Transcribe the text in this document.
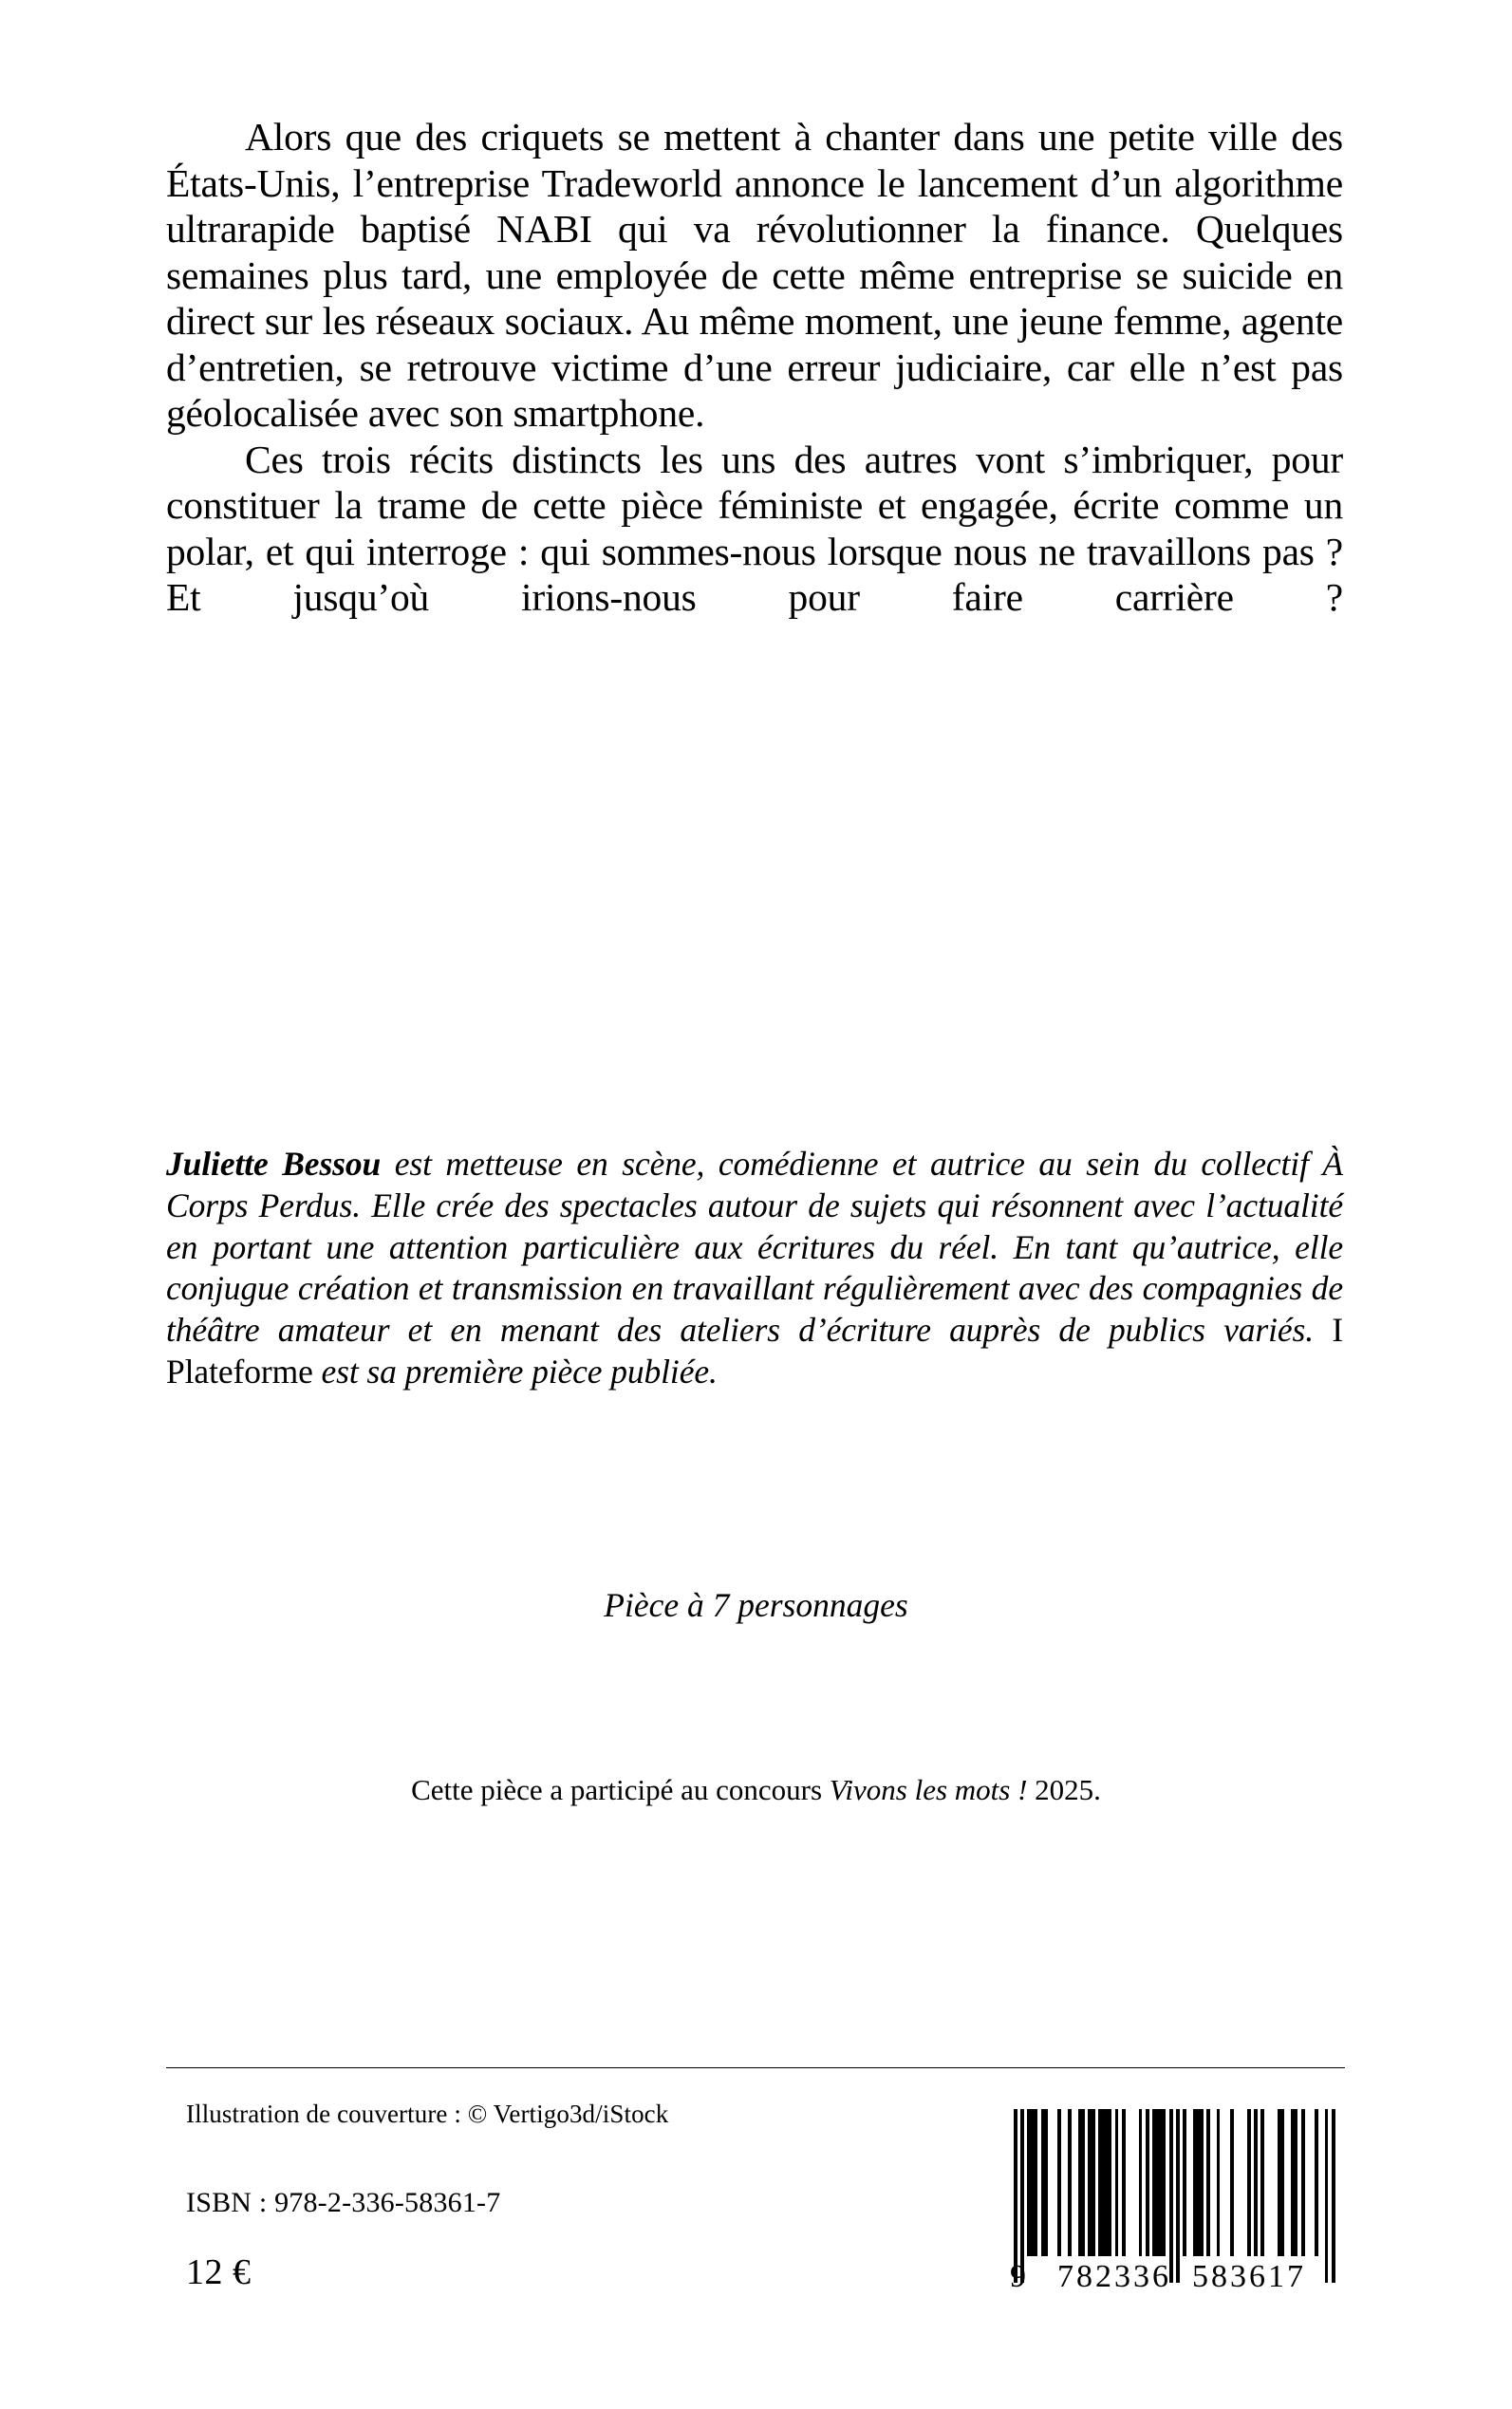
Alors que des criquets se mettent à chanter dans une petite ville des États-Unis, l’entreprise Tradeworld annonce le lancement d’un algorithme ultrarapide baptisé NABI qui va révolutionner la finance. Quelques semaines plus tard, une employée de cette même entreprise se suicide en direct sur les réseaux sociaux. Au même moment, une jeune femme, agente d’entretien, se retrouve victime d’une erreur judiciaire, car elle n’est pas géolocalisée avec son smartphone.

Ces trois récits distincts les uns des autres vont s’imbriquer, pour constituer la trame de cette pièce féministe et engagée, écrite comme un polar, et qui interroge : qui sommes-nous lorsque nous ne travaillons pas ? Et jusqu’où irions-nous pour faire carrière ?

Juliette Bessou est metteuse en scène, comédienne et autrice au sein du collectif À Corps Perdus. Elle crée des spectacles autour de sujets qui résonnent avec l’actualité en portant une attention particulière aux écritures du réel. En tant qu’autrice, elle conjugue création et transmission en travaillant régulièrement avec des compagnies de théâtre amateur et en menant des ateliers d’écriture auprès de publics variés. I Plateforme est sa première pièce publiée.

Pièce à 7 personnages
Cette pièce a participé au concours Vivons les mots ! 2025.
Illustration de couverture : © Vertigo3d/iStock
ISBN : 978-2-336-58361-7
12 €	9 782336 583617
